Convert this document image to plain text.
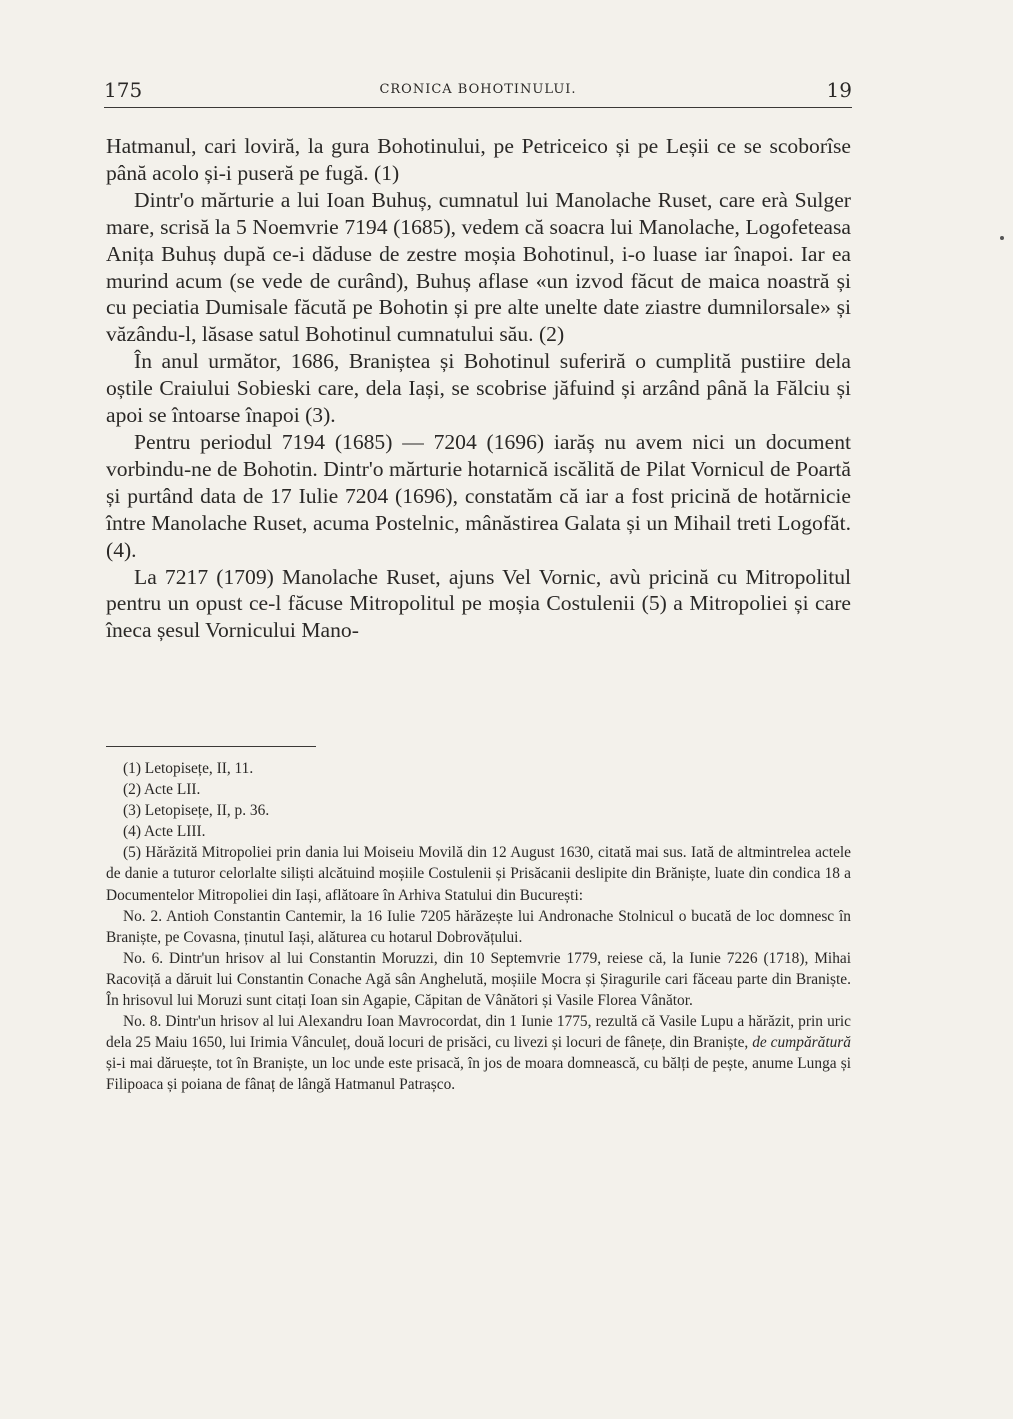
175	CRONICA BOHOTINULUI.	19

Hatmanul, cari loviră, la gura Bohotinului, pe Petriceico și pe Leșii ce se scoborîse până acolo și-i puseră pe fugă. (1)

Dintr'o mărturie a lui Ioan Buhuș, cumnatul lui Manolache Ruset, care erà Sulger mare, scrisă la 5 Noemvrie 7194 (1685), vedem că soacra lui Manolache, Logofeteasa Anița Buhuș după ce-i dăduse de zestre moșia Bohotinul, i-o luase iar înapoi. Iar ea murind acum (se vede de curând), Buhuș aflase «un izvod făcut de maica noastră și cu peciatia Dumisale făcută pe Bohotin și pre alte unelte date ziastre dumnilorsale» și văzându-l, lăsase satul Bohotinul cumnatului său. (2)

În anul următor, 1686, Braniștea și Bohotinul suferiră o cumplită pustiire dela oștile Craiului Sobieski care, dela Iași, se scobrise jăfuind și arzând până la Fălciu și apoi se întoarse înapoi (3).

Pentru periodul 7194 (1685) — 7204 (1696) iarăș nu avem nici un document vorbindu-ne de Bohotin. Dintr'o mărturie hotarnică iscălită de Pilat Vornicul de Poartă și purtând data de 17 Iulie 7204 (1696), constatăm că iar a fost pricină de hotărnicie între Manolache Ruset, acuma Postelnic, mânăstirea Galata și un Mihail treti Logofăt. (4).

La 7217 (1709) Manolache Ruset, ajuns Vel Vornic, avù pricină cu Mitropolitul pentru un opust ce-l făcuse Mitropolitul pe moșia Costulenii (5) a Mitropoliei și care îneca șesul Vornicului Mano-

(1) Letopisețe, II, 11.

(2) Acte LII.

(3) Letopisețe, II, p. 36.

(4) Acte LIII.

(5) Hărăzită Mitropoliei prin dania lui Moiseiu Movilă din 12 August 1630, citată mai sus. Iată de altmintrelea actele de danie a tuturor celorlalte siliști alcătuind moșiile Costulenii și Prisăcanii deslipite din Brăniște, luate din condica 18 a Documentelor Mitropoliei din Iași, aflătoare în Arhiva Statului din București:

No. 2. Antioh Constantin Cantemir, la 16 Iulie 7205 hărăzește lui Andronache Stolnicul o bucată de loc domnesc în Braniște, pe Covasna, ținutul Iași, alăturea cu hotarul Dobrovățului.

No. 6. Dintr'un hrisov al lui Constantin Moruzzi, din 10 Septemvrie 1779, reiese că, la Iunie 7226 (1718), Mihai Racoviță a dăruit lui Constantin Conache Agă sân Anghelută, moșiile Mocra și Șiragurile cari făceau parte din Braniște. În hrisovul lui Moruzi sunt citați Ioan sin Agapie, Căpitan de Vânători și Vasile Florea Vânător.

No. 8. Dintr'un hrisov al lui Alexandru Ioan Mavrocordat, din 1 Iunie 1775, rezultă că Vasile Lupu a hărăzit, prin uric dela 25 Maiu 1650, lui Irimia Vânculeț, două locuri de prisăci, cu livezi și locuri de fânețe, din Braniște, de cumpărătură și-i mai dăruește, tot în Braniște, un loc unde este prisacă, în jos de moara domnească, cu bălți de pește, anume Lunga și Filipoaca și poiana de fânaț de lângă Hatmanul Patrașco.
